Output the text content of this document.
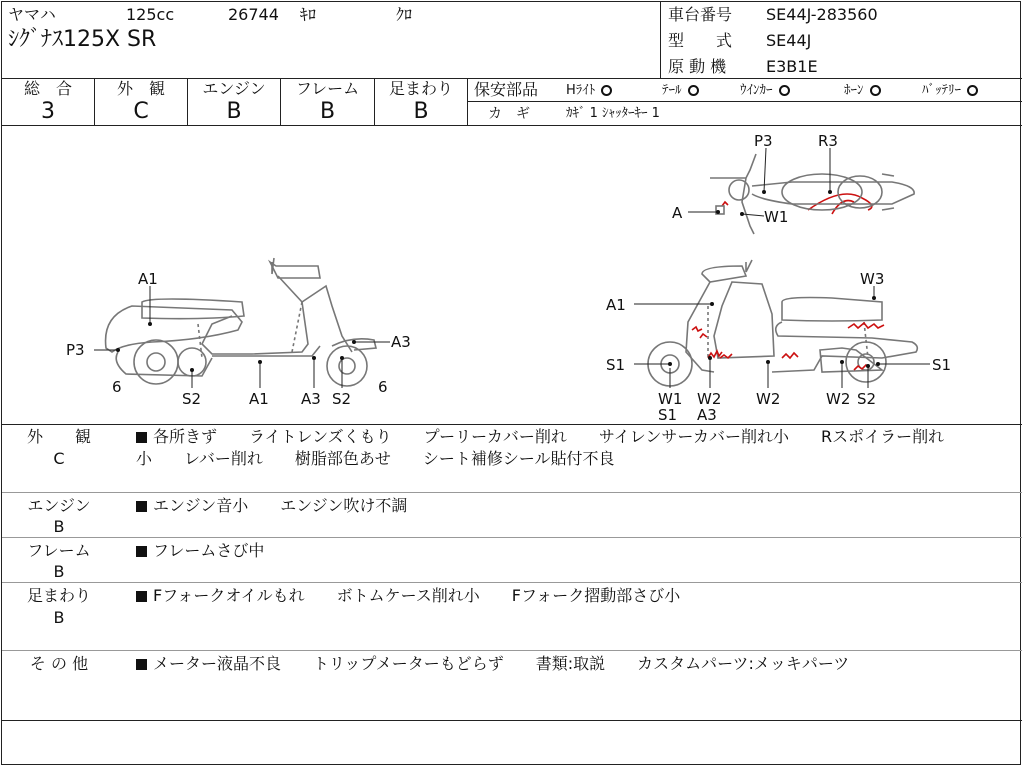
ヤマハ	125cc	26744 ｷﾛ	ｸﾛ
ｼｸﾞﾅｽ125X SR
車台番号 SE44J-283560
型　　式 SE44J
原 動 機 E3B1E
総　合
3
外　観
C
エンジン
B
フレーム
B
足まわり
B
保安部品 Hﾗｲﾄ	ﾃｰﾙ	ｳｲﾝｶｰ	ﾎｰﾝ	ﾊﾞｯﾃﾘｰ
カ　ギ	ｶｷﾞ 1 ｼｬｯﾀｰｷｰ 1
A1
P3
6
S2	A1 A3 S2
A3
6
P3	R3
A	W1
A1
W3
S1	S1
W1
S1
W2
A3
W2	W2 S2
外　　観
C
各所きず　　ライトレンズくもり　　プーリーカバー削れ　　サイレンサーカバー削れ小　　Rスポイラー削れ
小　　レバー削れ　　樹脂部色あせ　　シート補修シール貼付不良
エンジン
B
エンジン音小　　エンジン吹け不調
フレーム
B
フレームさび中
足まわり
B
Fフォークオイルもれ　　ボトムケース削れ小　　Fフォーク摺動部さび小
そ の 他	メーター液晶不良　　トリップメーターもどらず　　書類:取説　　カスタムパーツ:メッキパーツ
